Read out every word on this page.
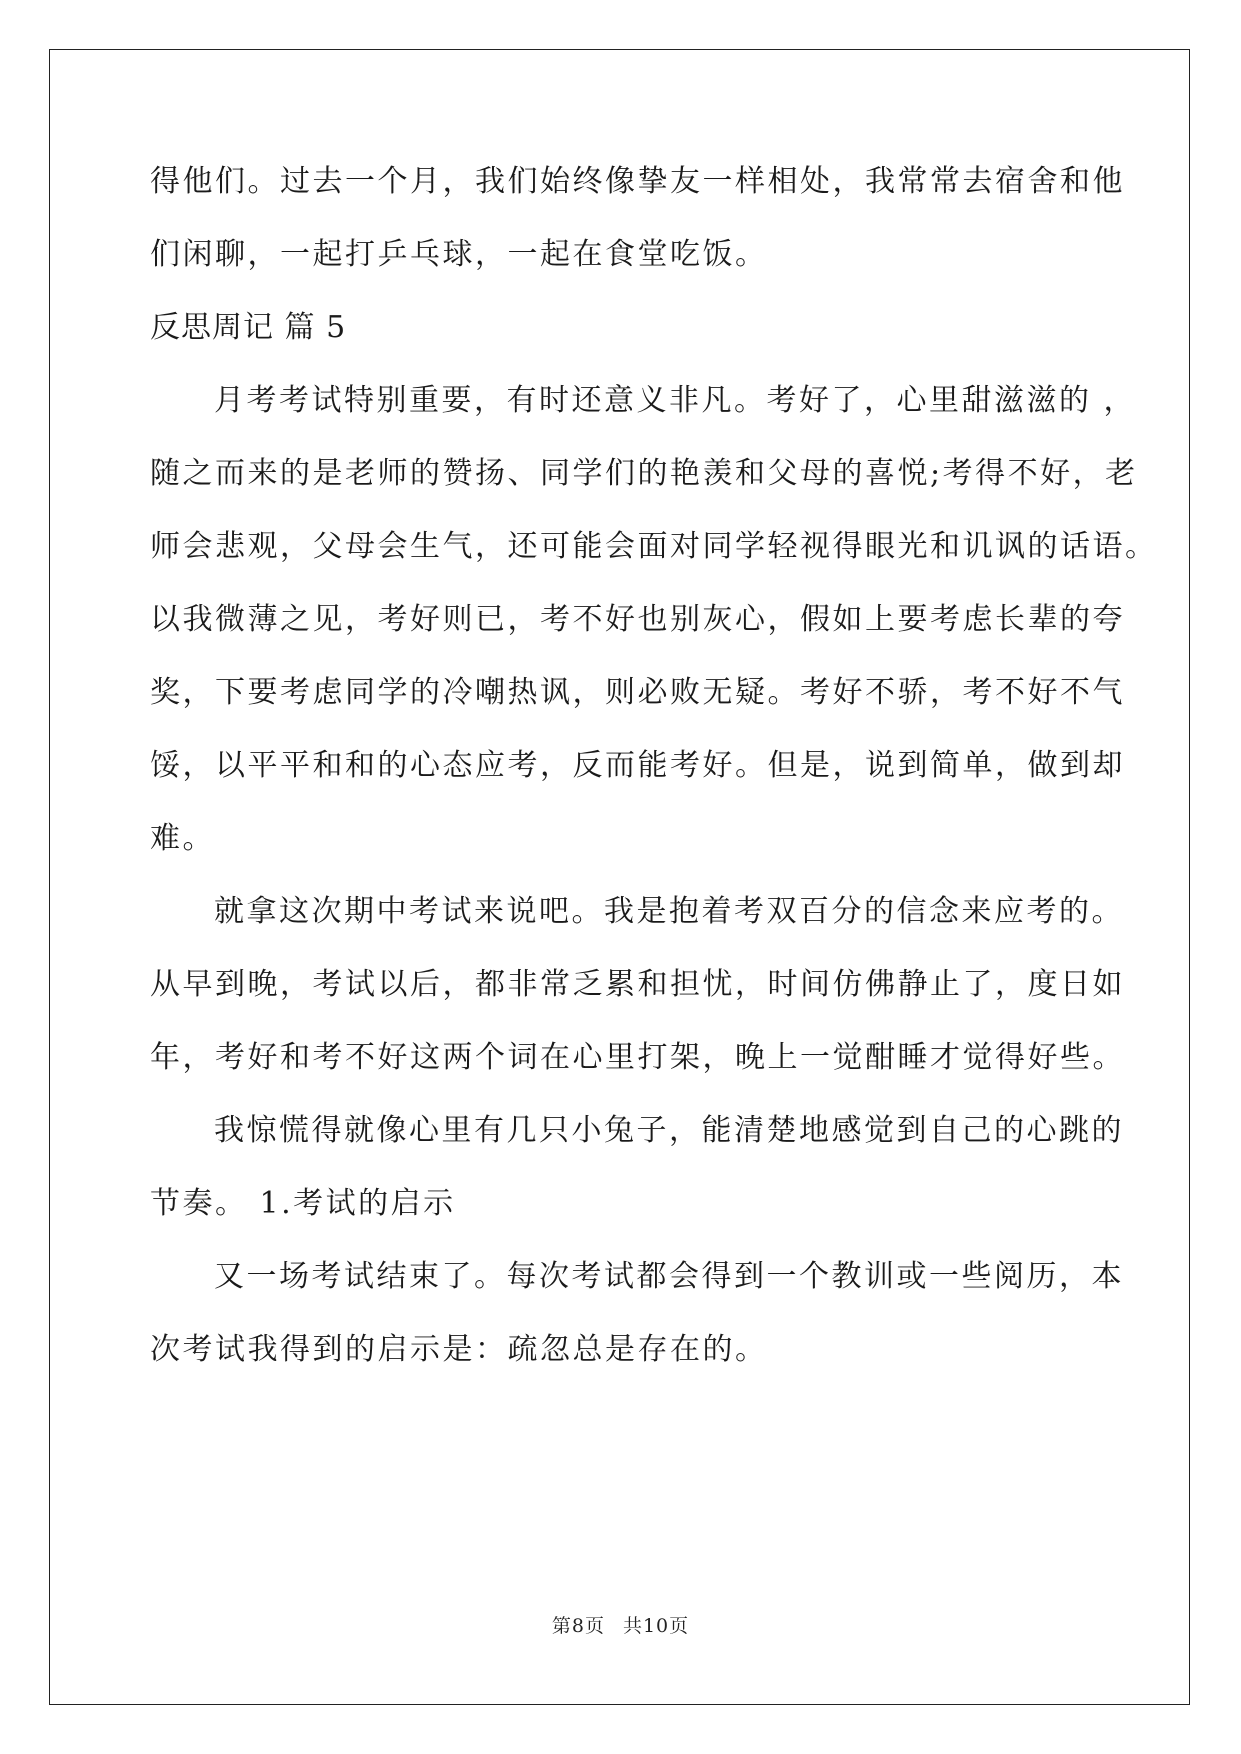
得他们。过去一个月，我们始终像挚友一样相处，我常常去宿舍和他
们闲聊，一起打乒乓球，一起在食堂吃饭。
反思周记 篇 5
月考考试特别重要，有时还意义非凡。考好了，心里甜滋滋的 ，
随之而来的是老师的赞扬、同学们的艳羡和父母的喜悦;考得不好，老
师会悲观，父母会生气，还可能会面对同学轻视得眼光和讥讽的话语。
以我微薄之见，考好则已，考不好也别灰心，假如上要考虑长辈的夸
奖，下要考虑同学的冷嘲热讽，则必败无疑。考好不骄，考不好不气
馁，以平平和和的心态应考，反而能考好。但是，说到简单，做到却
难。
就拿这次期中考试来说吧。我是抱着考双百分的信念来应考的。
从早到晚，考试以后，都非常乏累和担忧，时间仿佛静止了，度日如
年，考好和考不好这两个词在心里打架，晚上一觉酣睡才觉得好些。
我惊慌得就像心里有几只小兔子，能清楚地感觉到自己的心跳的
节奏。 1.考试的启示
又一场考试结束了。每次考试都会得到一个教训或一些阅历，本
次考试我得到的启示是：疏忽总是存在的。
第8页 共10页
